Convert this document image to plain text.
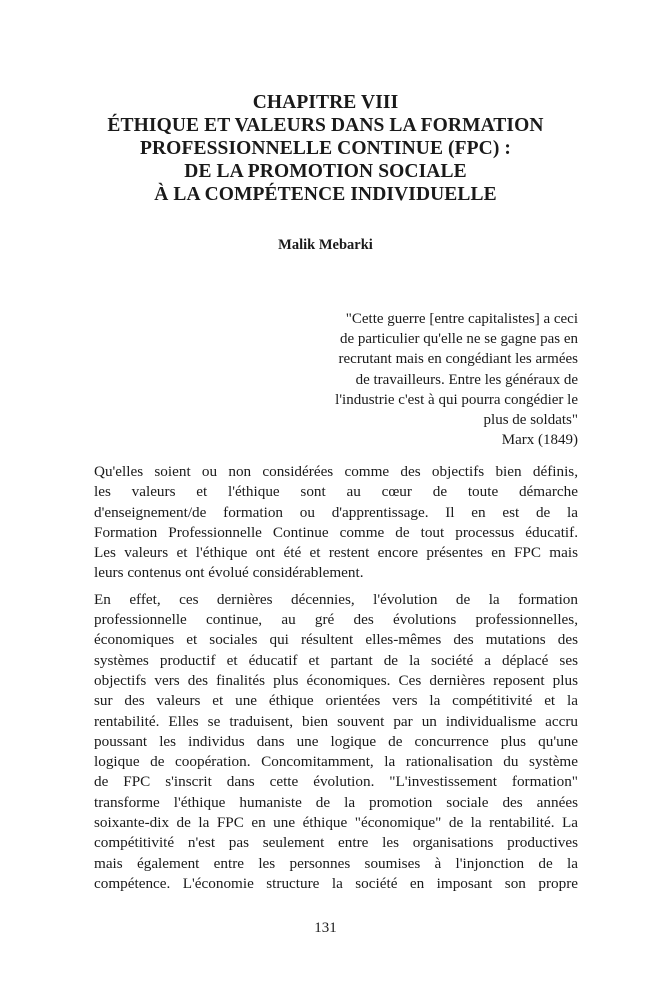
CHAPITRE VIII
ÉTHIQUE ET VALEURS DANS LA FORMATION
PROFESSIONNELLE CONTINUE (FPC) :
DE LA PROMOTION SOCIALE
À LA COMPÉTENCE INDIVIDUELLE
Malik Mebarki
"Cette guerre [entre capitalistes] a ceci
de particulier qu'elle ne se gagne pas en
recrutant mais en congédiant les armées
de travailleurs. Entre les généraux de
l'industrie c'est à qui pourra congédier le
plus de soldats"
Marx (1849)
Qu'elles soient ou non considérées comme des objectifs bien définis,
les valeurs et l'éthique sont au cœur de toute démarche
d'enseignement/de formation ou d'apprentissage. Il en est de la
Formation Professionnelle Continue comme de tout processus éducatif.
Les valeurs et l'éthique ont été et restent encore présentes en FPC mais
leurs contenus ont évolué considérablement.
En effet, ces dernières décennies, l'évolution de la formation
professionnelle continue, au gré des évolutions professionnelles,
économiques et sociales qui résultent elles-mêmes des mutations des
systèmes productif et éducatif et partant de la société a déplacé ses
objectifs vers des finalités plus économiques. Ces dernières reposent plus
sur des valeurs et une éthique orientées vers la compétitivité et la
rentabilité. Elles se traduisent, bien souvent par un individualisme accru
poussant les individus dans une logique de concurrence plus qu'une
logique de coopération. Concomitamment, la rationalisation du système
de FPC s'inscrit dans cette évolution. "L'investissement formation"
transforme l'éthique humaniste de la promotion sociale des années
soixante-dix de la FPC en une éthique "économique" de la rentabilité. La
compétitivité n'est pas seulement entre les organisations productives
mais également entre les personnes soumises à l'injonction de la
compétence. L'économie structure la société en imposant son propre
131
